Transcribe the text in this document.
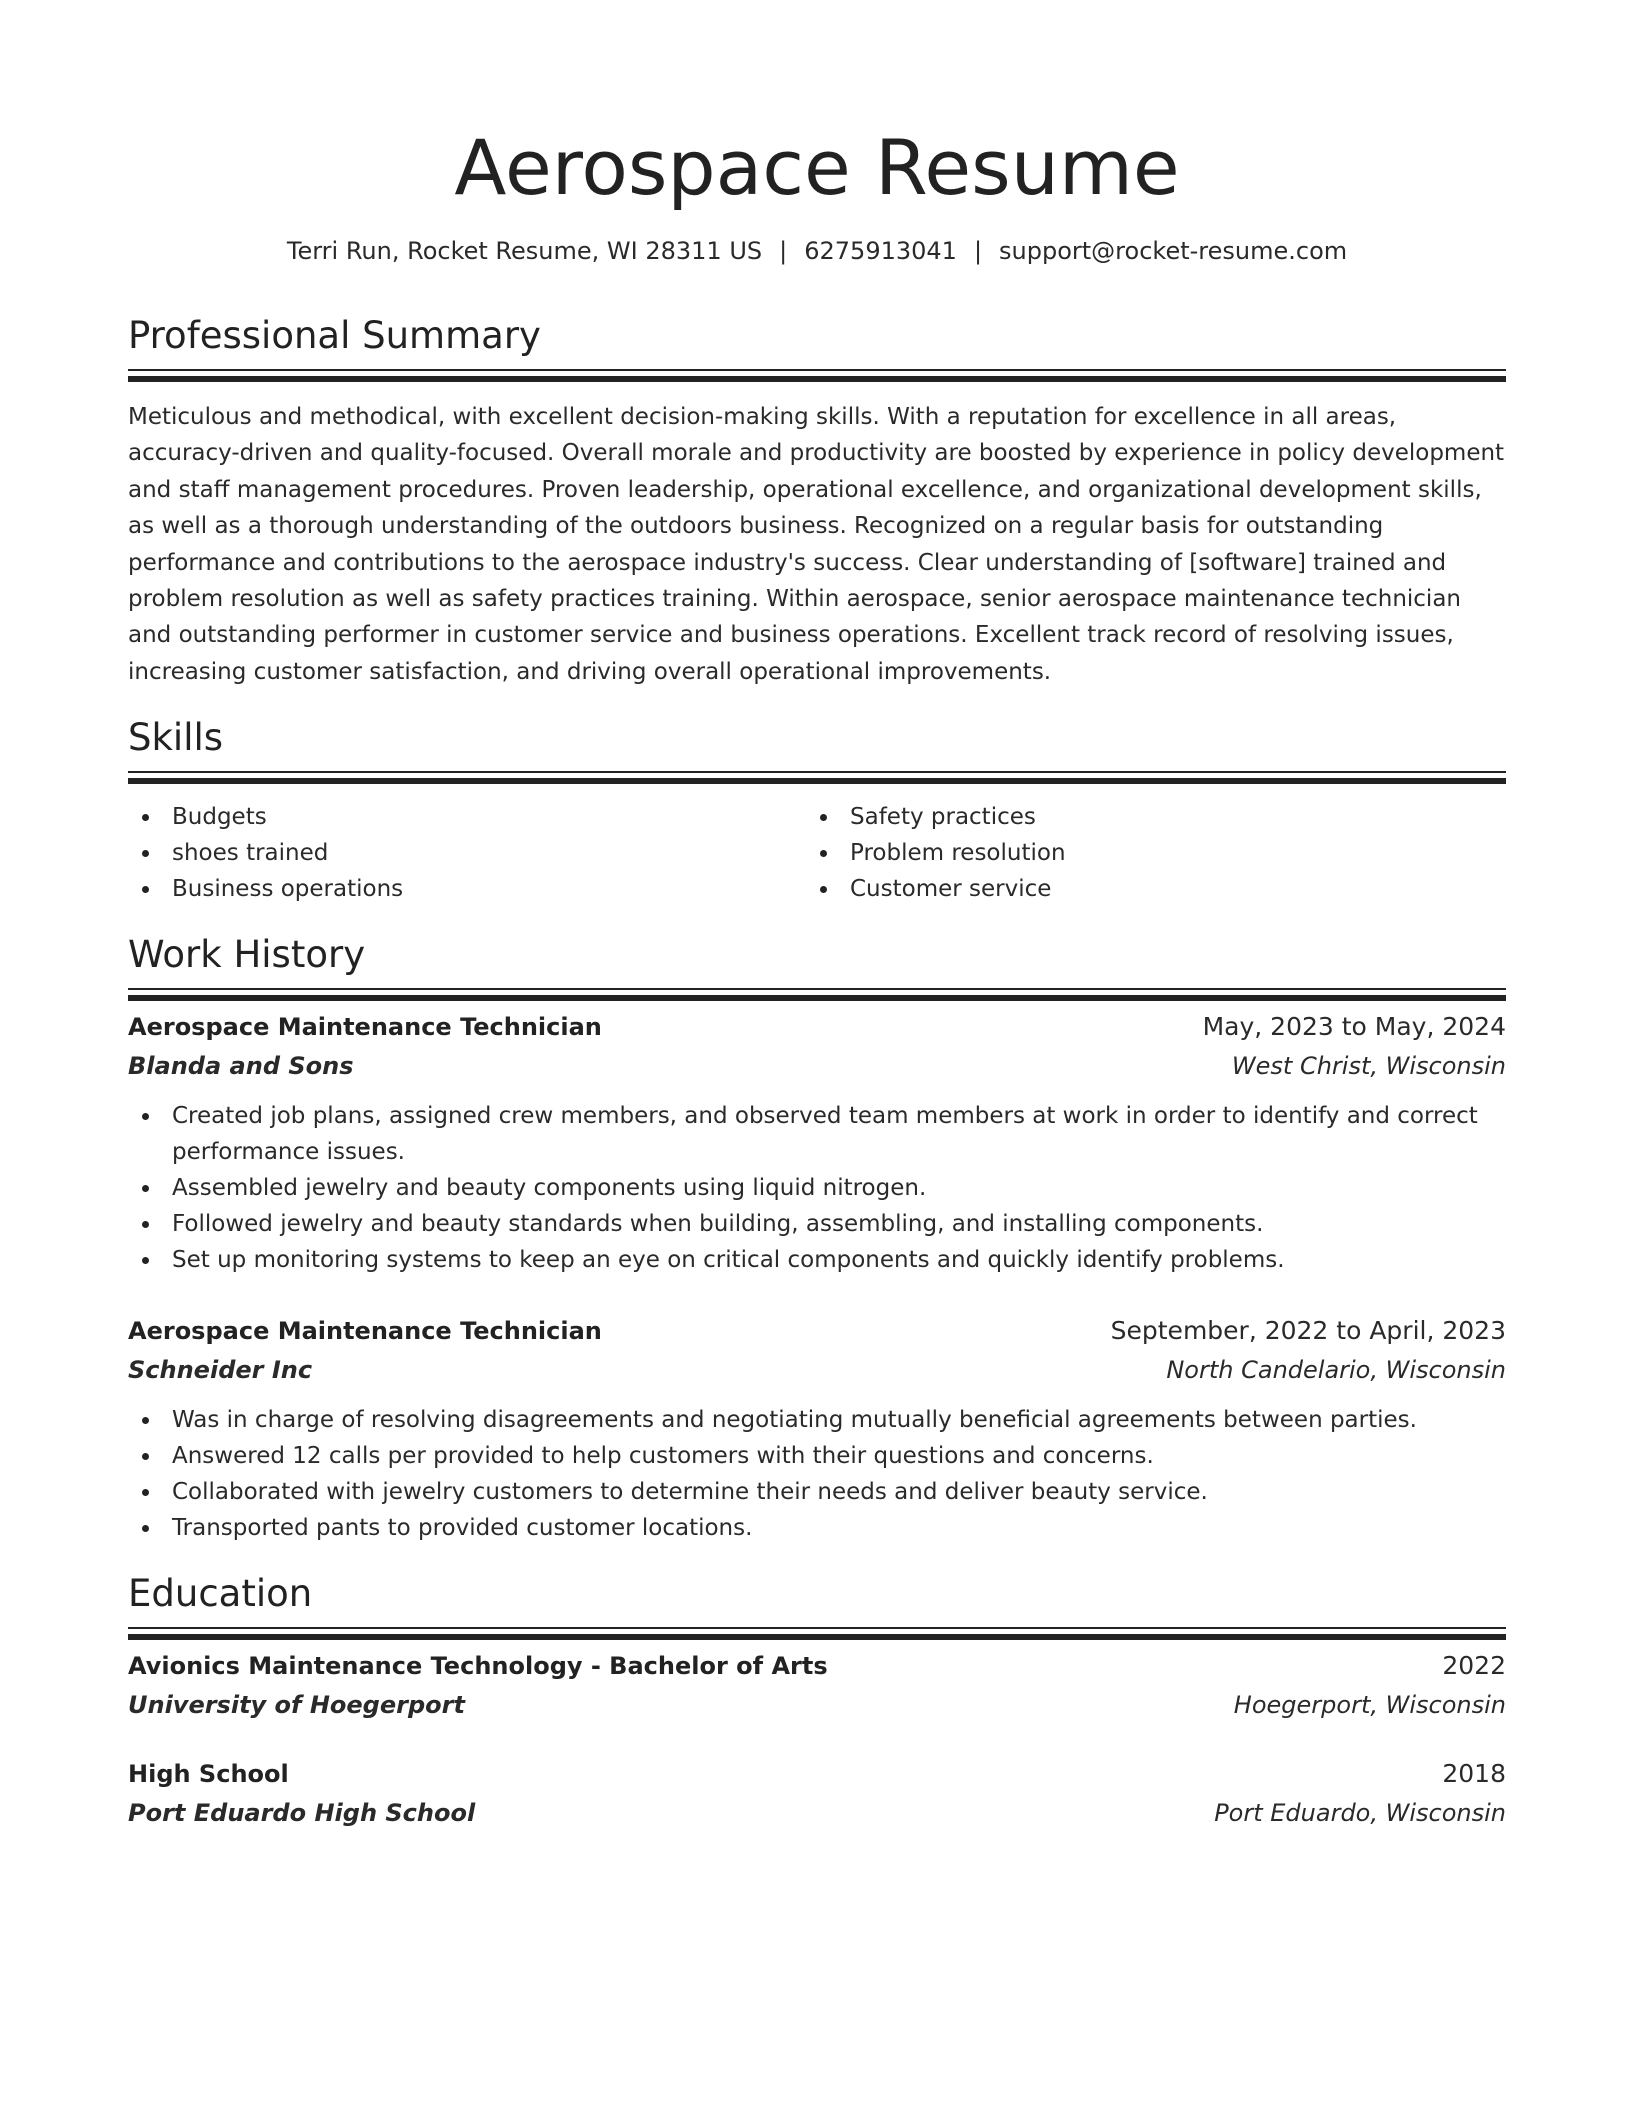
Aerospace Resume
Terri Run, Rocket Resume, WI 28311 US | 6275913041 | support@rocket-resume.com
Professional Summary
Meticulous and methodical, with excellent decision-making skills. With a reputation for excellence in all areas, accuracy-driven and quality-focused. Overall morale and productivity are boosted by experience in policy development and staff management procedures. Proven leadership, operational excellence, and organizational development skills, as well as a thorough understanding of the outdoors business. Recognized on a regular basis for outstanding performance and contributions to the aerospace industry's success. Clear understanding of [software] trained and problem resolution as well as safety practices training. Within aerospace, senior aerospace maintenance technician and outstanding performer in customer service and business operations. Excellent track record of resolving issues, increasing customer satisfaction, and driving overall operational improvements.
Skills
Budgets
shoes trained
Business operations
Safety practices
Problem resolution
Customer service
Work History
Aerospace Maintenance Technician	May, 2023 to May, 2024
Blanda and Sons	West Christ, Wisconsin
Created job plans, assigned crew members, and observed team members at work in order to identify and correct performance issues.
Assembled jewelry and beauty components using liquid nitrogen.
Followed jewelry and beauty standards when building, assembling, and installing components.
Set up monitoring systems to keep an eye on critical components and quickly identify problems.
Aerospace Maintenance Technician	September, 2022 to April, 2023
Schneider Inc	North Candelario, Wisconsin
Was in charge of resolving disagreements and negotiating mutually beneficial agreements between parties.
Answered 12 calls per provided to help customers with their questions and concerns.
Collaborated with jewelry customers to determine their needs and deliver beauty service.
Transported pants to provided customer locations.
Education
Avionics Maintenance Technology - Bachelor of Arts	2022
University of Hoegerport	Hoegerport, Wisconsin
High School	2018
Port Eduardo High School	Port Eduardo, Wisconsin
